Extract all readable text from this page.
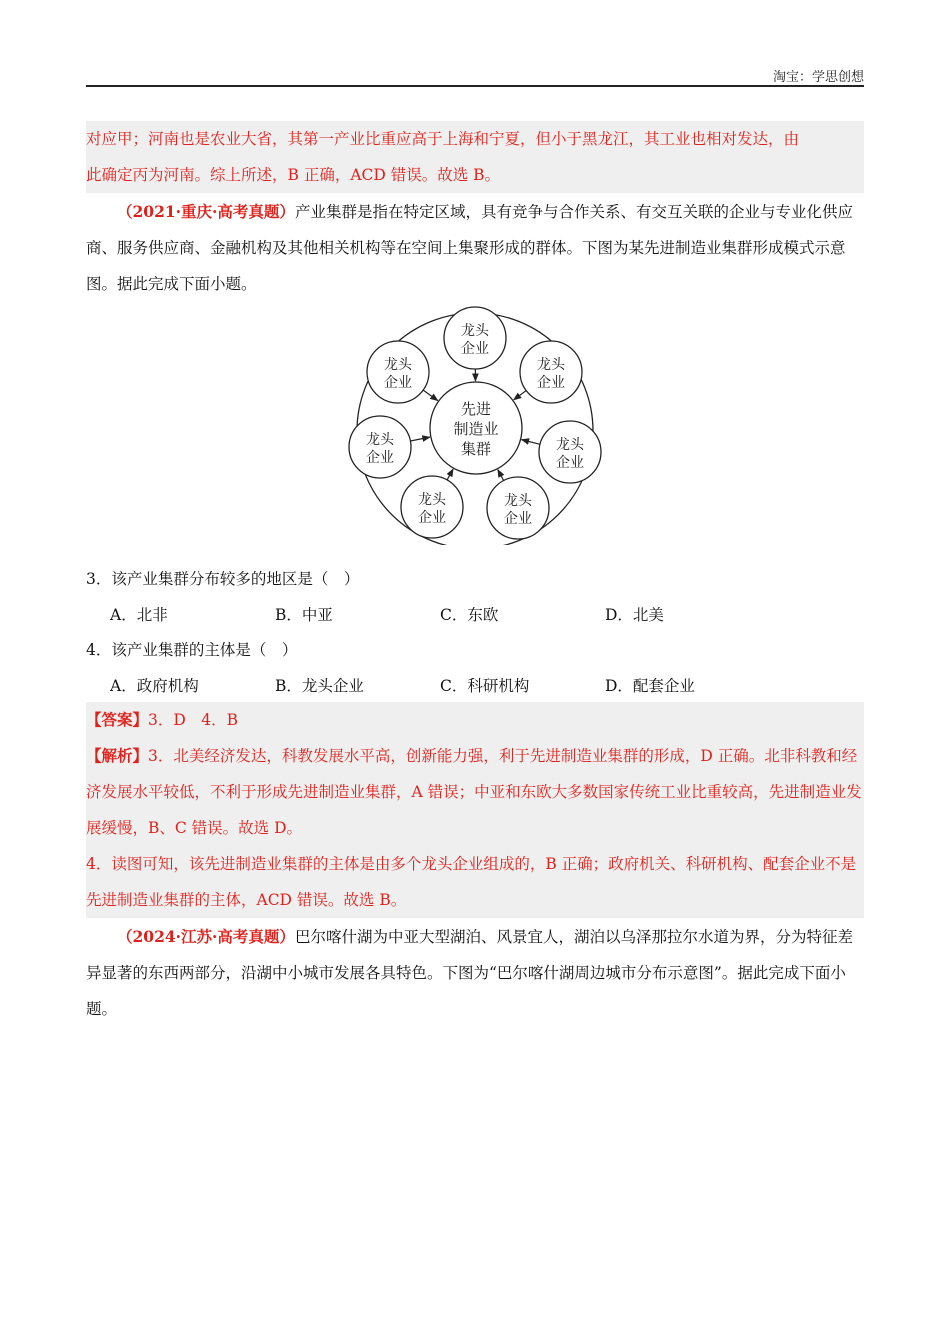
淘宝：学思创想

对应甲；河南也是农业大省，其第一产业比重应高于上海和宁夏，但小于黑龙江，其工业也相对发达，由

此确定丙为河南。综上所述，B 正确，ACD 错误。故选 B。

（2021·重庆·高考真题）产业集群是指在特定区域，具有竞争与合作关系、有交互关联的企业与专业化供应商、服务供应商、金融机构及其他相关机构等在空间上集聚形成的群体。下图为某先进制造业集群形成模式示意图。据此完成下面小题。

先进
制造业
集群
龙头
企业
龙头
企业
龙头
企业
龙头
企业
龙头
企业
龙头
企业
龙头
企业

3．该产业集群分布较多的地区是（　）

A．北非	B．中亚	C．东欧	D．北美

4．该产业集群的主体是（　）

A．政府机构	B．龙头企业	C．科研机构	D．配套企业

【答案】3．D　4．B

【解析】3．北美经济发达，科教发展水平高，创新能力强，利于先进制造业集群的形成，D 正确。北非科教和经济发展水平较低，不利于形成先进制造业集群，A 错误；中亚和东欧大多数国家传统工业比重较高，先进制造业发展缓慢，B、C 错误。故选 D。

4．读图可知，该先进制造业集群的主体是由多个龙头企业组成的，B 正确；政府机关、科研机构、配套企业不是先进制造业集群的主体，ACD 错误。故选 B。

（2024·江苏·高考真题）巴尔喀什湖为中亚大型湖泊、风景宜人，湖泊以乌泽那拉尔水道为界，分为特征差异显著的东西两部分，沿湖中小城市发展各具特色。下图为“巴尔喀什湖周边城市分布示意图”。据此完成下面小题。
